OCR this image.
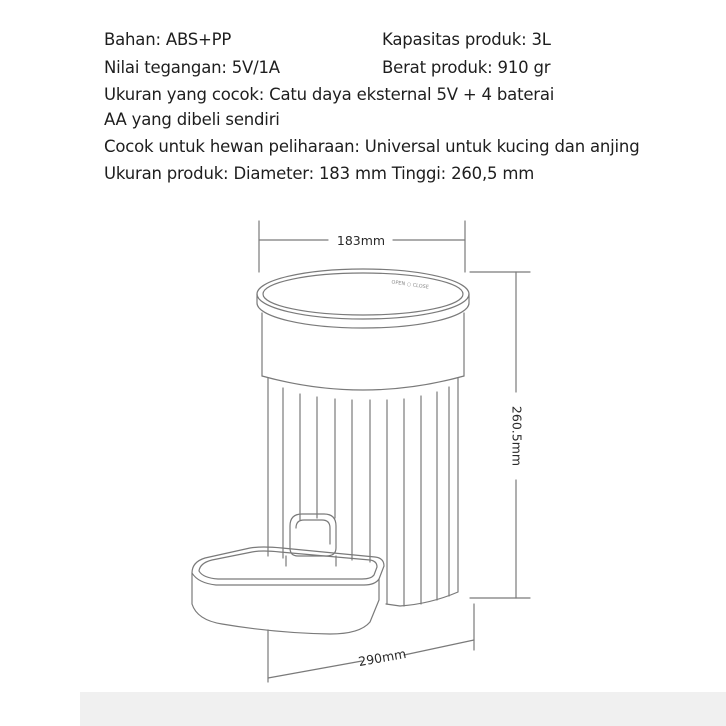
Bahan: ABS+PP	Kapasitas produk: 3L
Nilai tegangan: 5V/1A	Berat produk: 910 gr
Ukuran yang cocok: Catu daya eksternal 5V + 4 baterai
AA yang dibeli sendiri
Cocok untuk hewan peliharaan: Universal untuk kucing dan anjing
Ukuran produk: Diameter: 183 mm Tinggi: 260,5 mm
183mm
260.5mm
290mm
OPEN ○ CLOSE
